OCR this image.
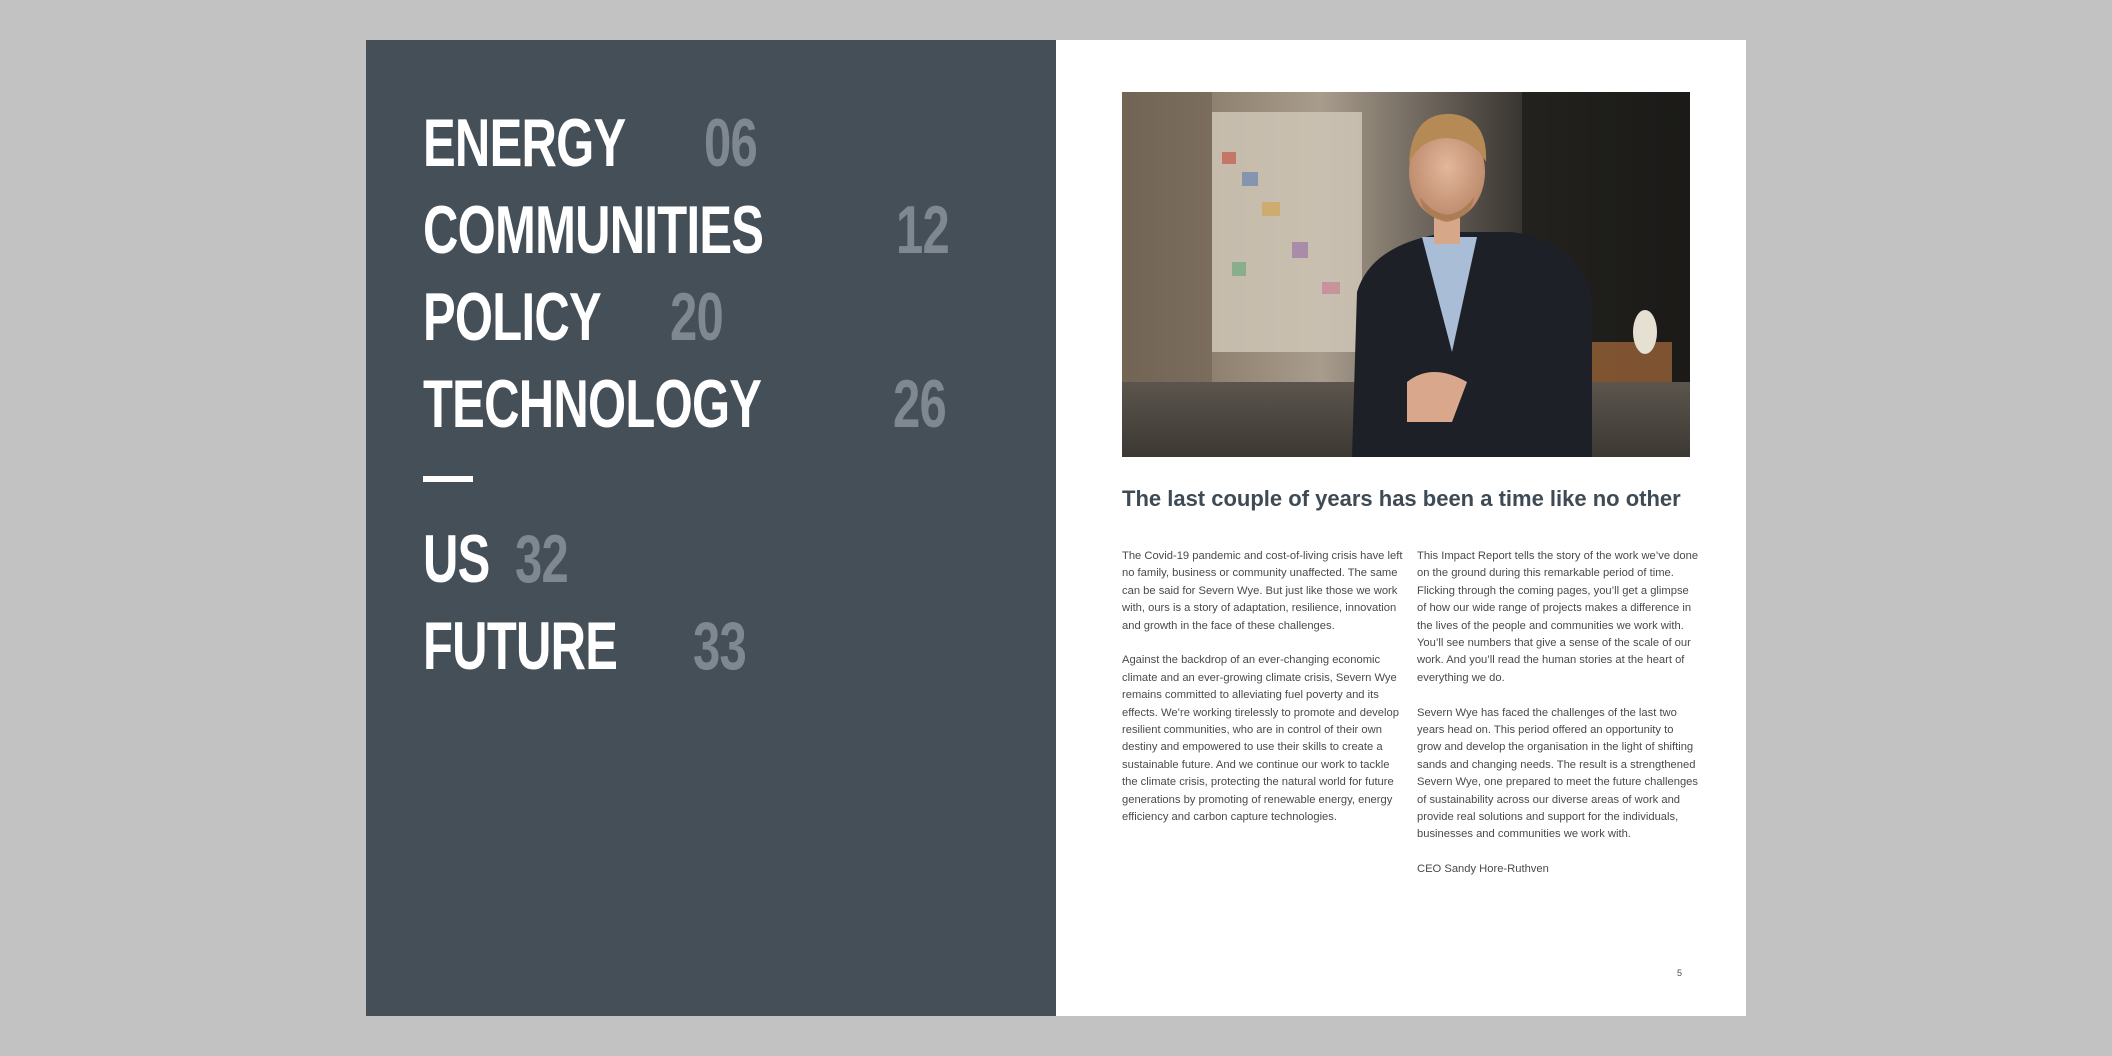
ENERGY 06
COMMUNITIES 12
POLICY 20
TECHNOLOGY 26
US 32
FUTURE 33
The last couple of years has been a time like no other

The Covid-19 pandemic and cost-of-living crisis have left no family, business or community unaffected. The same can be said for Severn Wye. But just like those we work with, ours is a story of adaptation, resilience, innovation and growth in the face of these challenges.

Against the backdrop of an ever-changing economic climate and an ever-growing climate crisis, Severn Wye remains committed to alleviating fuel poverty and its effects. We’re working tirelessly to promote and develop resilient communities, who are in control of their own destiny and empowered to use their skills to create a sustainable future. And we continue our work to tackle the climate crisis, protecting the natural world for future generations by promoting of renewable energy, energy efficiency and carbon capture technologies.

This Impact Report tells the story of the work we’ve done on the ground during this remarkable period of time. Flicking through the coming pages, you’ll get a glimpse of how our wide range of projects makes a difference in the lives of the people and communities we work with. You’ll see numbers that give a sense of the scale of our work. And you’ll read the human stories at the heart of everything we do.

Severn Wye has faced the challenges of the last two years head on. This period offered an opportunity to grow and develop the organisation in the light of shifting sands and changing needs. The result is a strengthened Severn Wye, one prepared to meet the future challenges of sustainability across our diverse areas of work and provide real solutions and support for the individuals, businesses and communities we work with.

CEO Sandy Hore-Ruthven

5
